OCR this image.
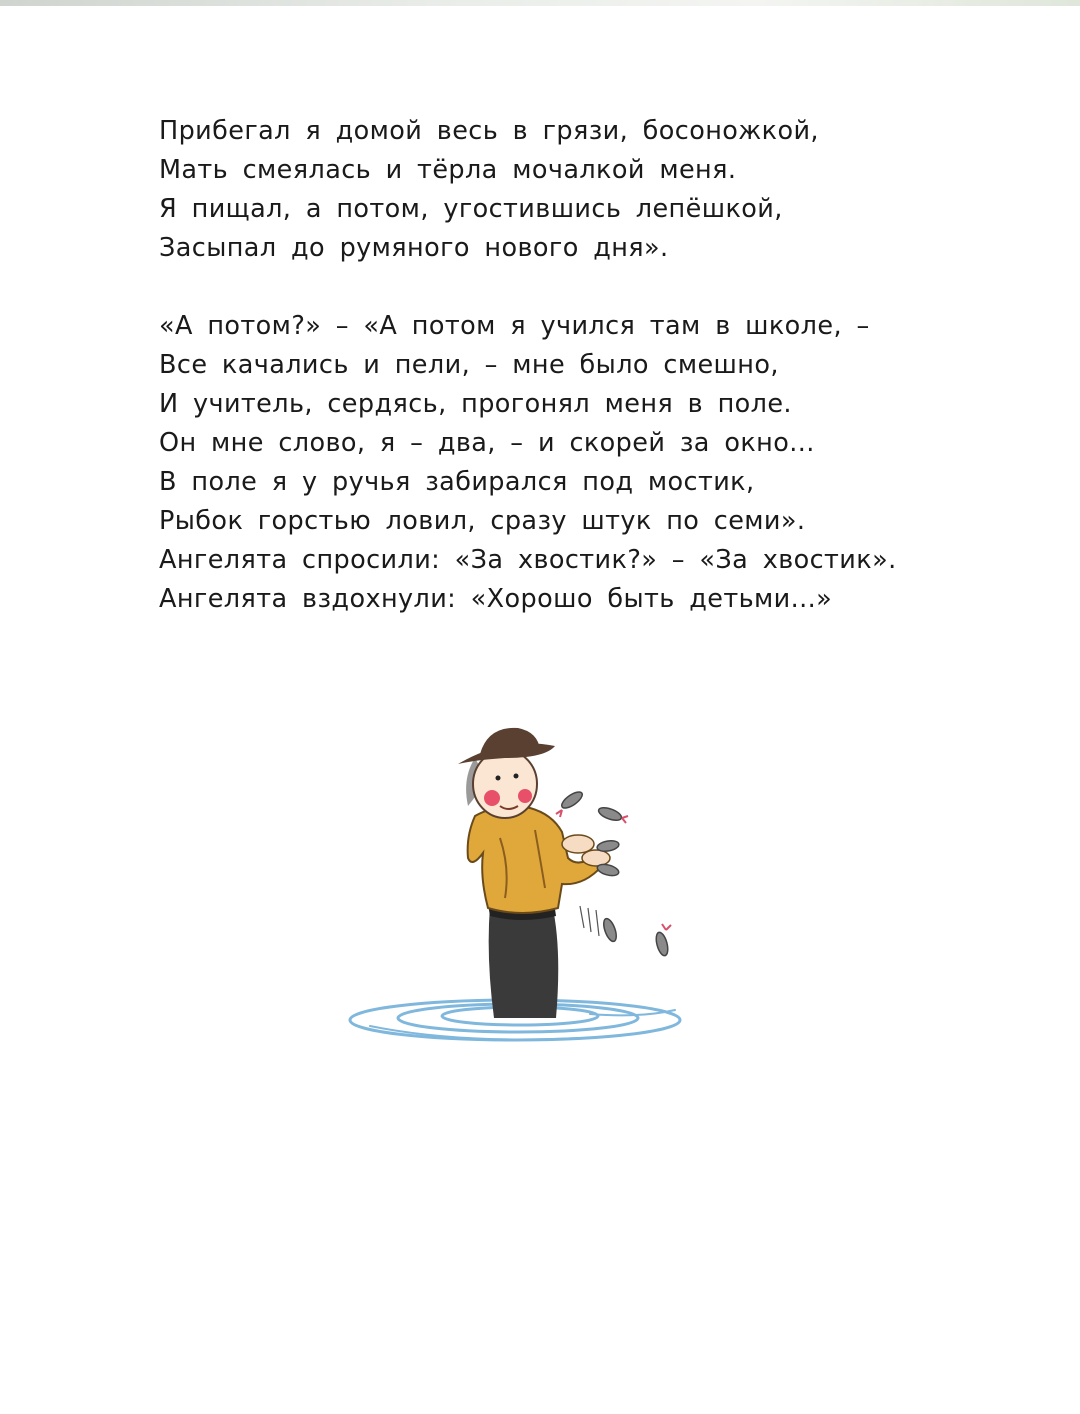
Прибегал я домой весь в грязи, босоножкой,
Мать смеялась и тёрла мочалкой меня.
Я пищал, а потом, угостившись лепёшкой,
Засыпал до румяного нового дня».
«А потом?» – «А потом я учился там в школе, –
Все качались и пели, – мне было смешно,
И учитель, сердясь, прогонял меня в поле.
Он мне слово, я – два, – и скорей за окно...
В поле я у ручья забирался под мостик,
Рыбок горстью ловил, сразу штук по семи».
Ангелята спросили: «За хвостик?» – «За хвостик».
Ангелята вздохнули: «Хорошо быть детьми...»
